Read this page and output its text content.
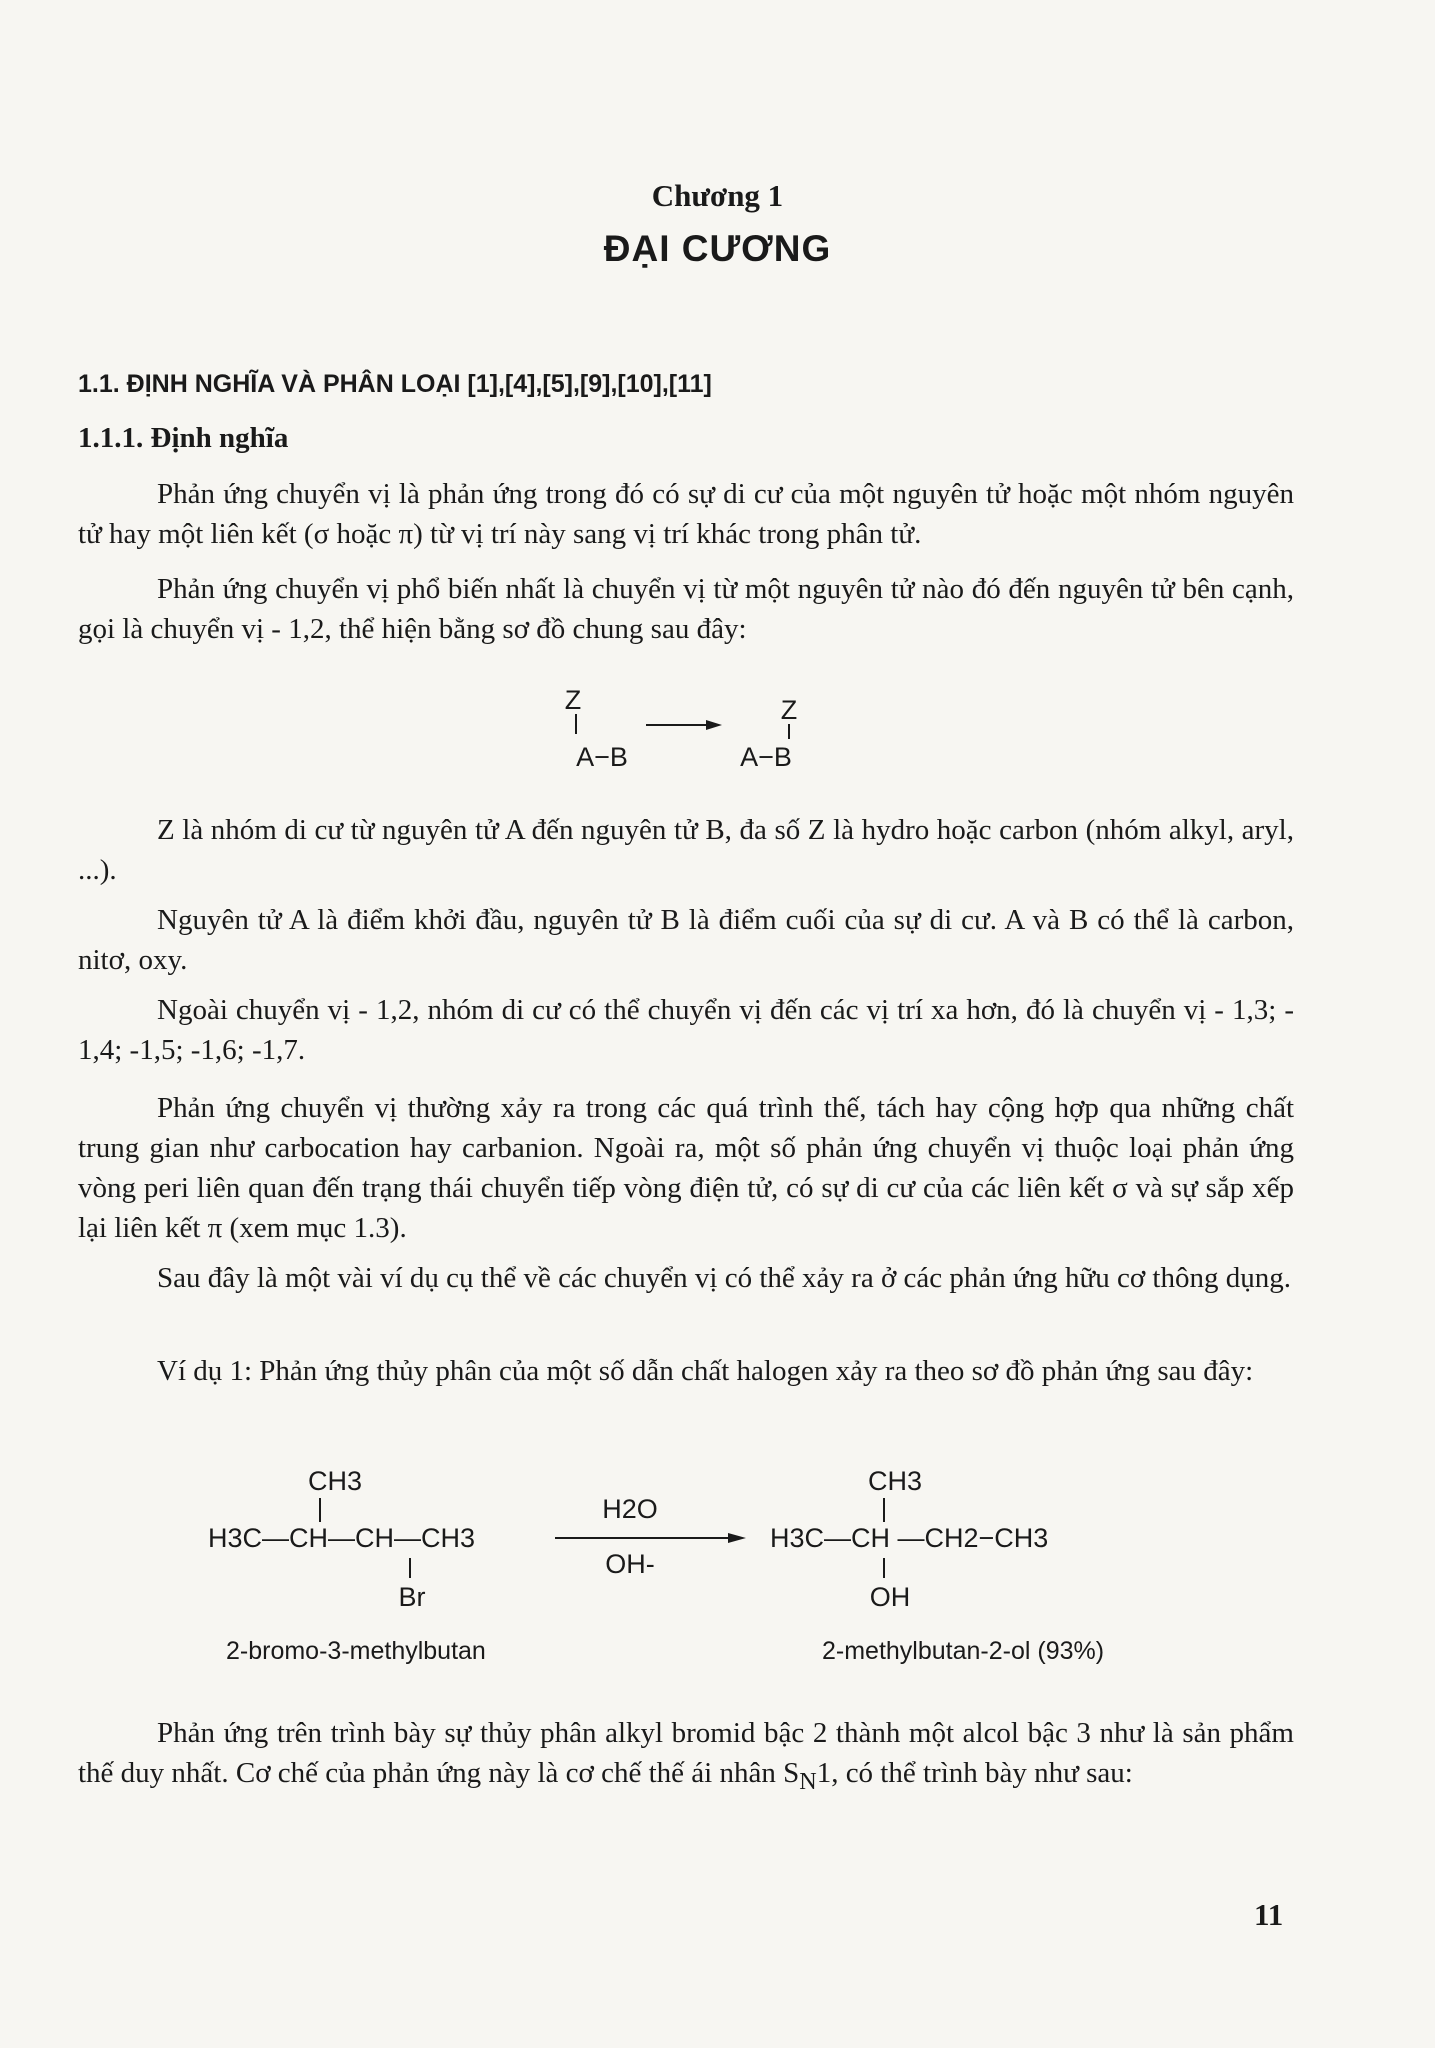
Chương 1
ĐẠI CƯƠNG
1.1. ĐỊNH NGHĨA VÀ PHÂN LOẠI [1],[4],[5],[9],[10],[11]
1.1.1. Định nghĩa
Phản ứng chuyển vị là phản ứng trong đó có sự di cư của một nguyên tử hoặc một nhóm nguyên tử hay một liên kết (σ hoặc π) từ vị trí này sang vị trí khác trong phân tử.
Phản ứng chuyển vị phổ biến nhất là chuyển vị từ một nguyên tử nào đó đến nguyên tử bên cạnh, gọi là chuyển vị - 1,2, thể hiện bằng sơ đồ chung sau đây:
Z
A−B
Z
A−B
Z là nhóm di cư từ nguyên tử A đến nguyên tử B, đa số Z là hydro hoặc carbon (nhóm alkyl, aryl, ...).
Nguyên tử A là điểm khởi đầu, nguyên tử B là điểm cuối của sự di cư. A và B có thể là carbon, nitơ, oxy.
Ngoài chuyển vị - 1,2, nhóm di cư có thể chuyển vị đến các vị trí xa hơn, đó là chuyển vị - 1,3; - 1,4; -1,5; -1,6; -1,7.
Phản ứng chuyển vị thường xảy ra trong các quá trình thế, tách hay cộng hợp qua những chất trung gian như carbocation hay carbanion. Ngoài ra, một số phản ứng chuyển vị thuộc loại phản ứng vòng peri liên quan đến trạng thái chuyển tiếp vòng điện tử, có sự di cư của các liên kết σ và sự sắp xếp lại liên kết π (xem mục 1.3).
Sau đây là một vài ví dụ cụ thể về các chuyển vị có thể xảy ra ở các phản ứng hữu cơ thông dụng.
Ví dụ 1: Phản ứng thủy phân của một số dẫn chất halogen xảy ra theo sơ đồ phản ứng sau đây:
CH3
H3C—CH—CH—CH3
Br
H2O
OH-
CH3
H3C—CH —CH2−CH3
OH
2-bromo-3-methylbutan	2-methylbutan-2-ol (93%)
Phản ứng trên trình bày sự thủy phân alkyl bromid bậc 2 thành một alcol bậc 3 như là sản phẩm thế duy nhất. Cơ chế của phản ứng này là cơ chế thế ái nhân $S_N1$, có thể trình bày như sau:
11
